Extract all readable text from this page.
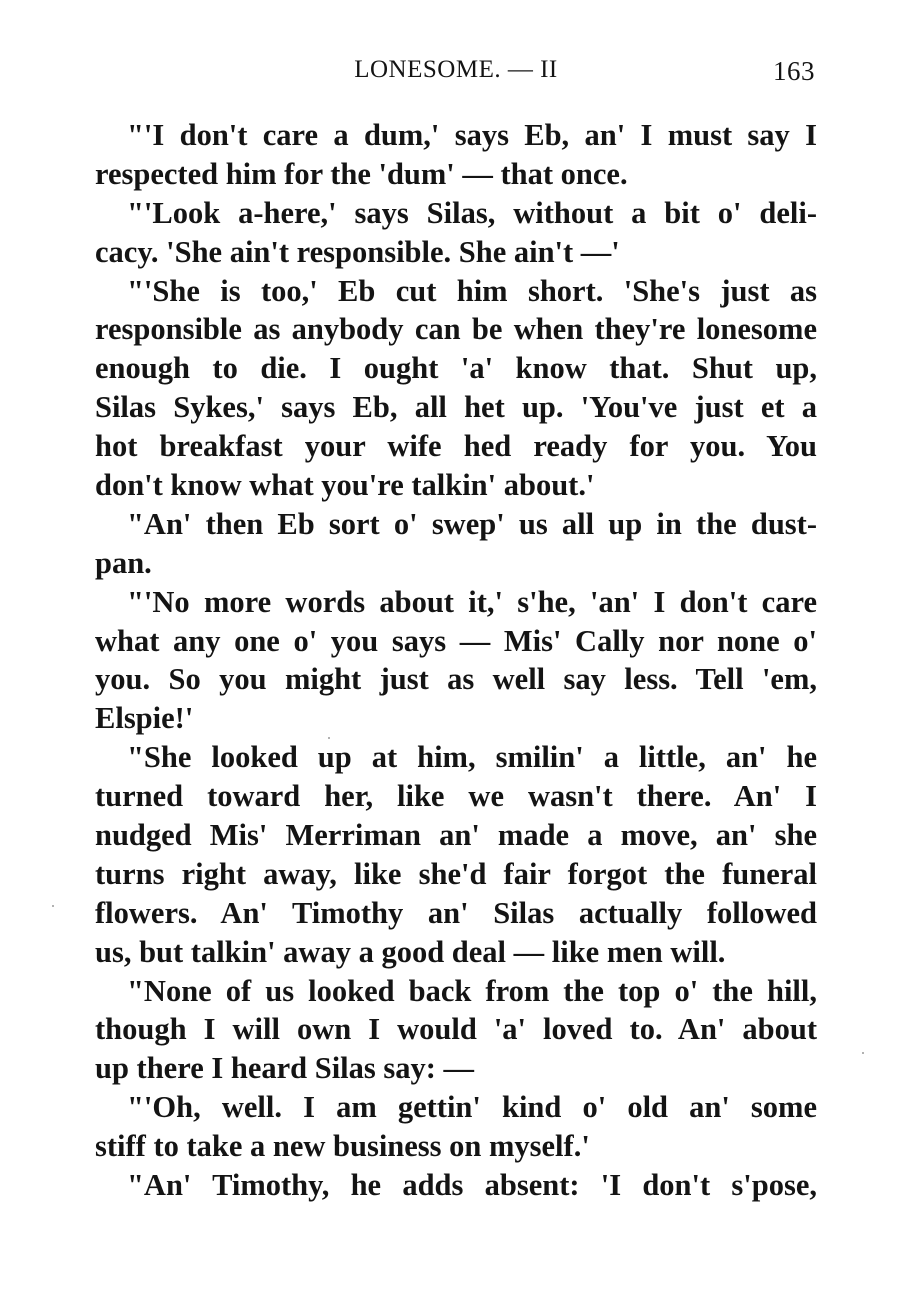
LONESOME. — II	163
"'I don't care a dum,' says Eb, an' I must say I
respected him for the 'dum' — that once.
"'Look a-here,' says Silas, without a bit o' deli-
cacy. 'She ain't responsible. She ain't —'
"'She is too,' Eb cut him short. 'She's just as
responsible as anybody can be when they're lonesome
enough to die. I ought 'a' know that. Shut up,
Silas Sykes,' says Eb, all het up. 'You've just et a
hot breakfast your wife hed ready for you. You
don't know what you're talkin' about.'
"An' then Eb sort o' swep' us all up in the dust-
pan.
"'No more words about it,' s'he, 'an' I don't care
what any one o' you says — Mis' Cally nor none o'
you. So you might just as well say less. Tell 'em,
Elspie!'
"She looked up at him, smilin' a little, an' he
turned toward her, like we wasn't there. An' I
nudged Mis' Merriman an' made a move, an' she
turns right away, like she'd fair forgot the funeral
flowers. An' Timothy an' Silas actually followed
us, but talkin' away a good deal — like men will.
"None of us looked back from the top o' the hill,
though I will own I would 'a' loved to. An' about
up there I heard Silas say: —
"'Oh, well. I am gettin' kind o' old an' some
stiff to take a new business on myself.'
"An' Timothy, he adds absent: 'I don't s'pose,
